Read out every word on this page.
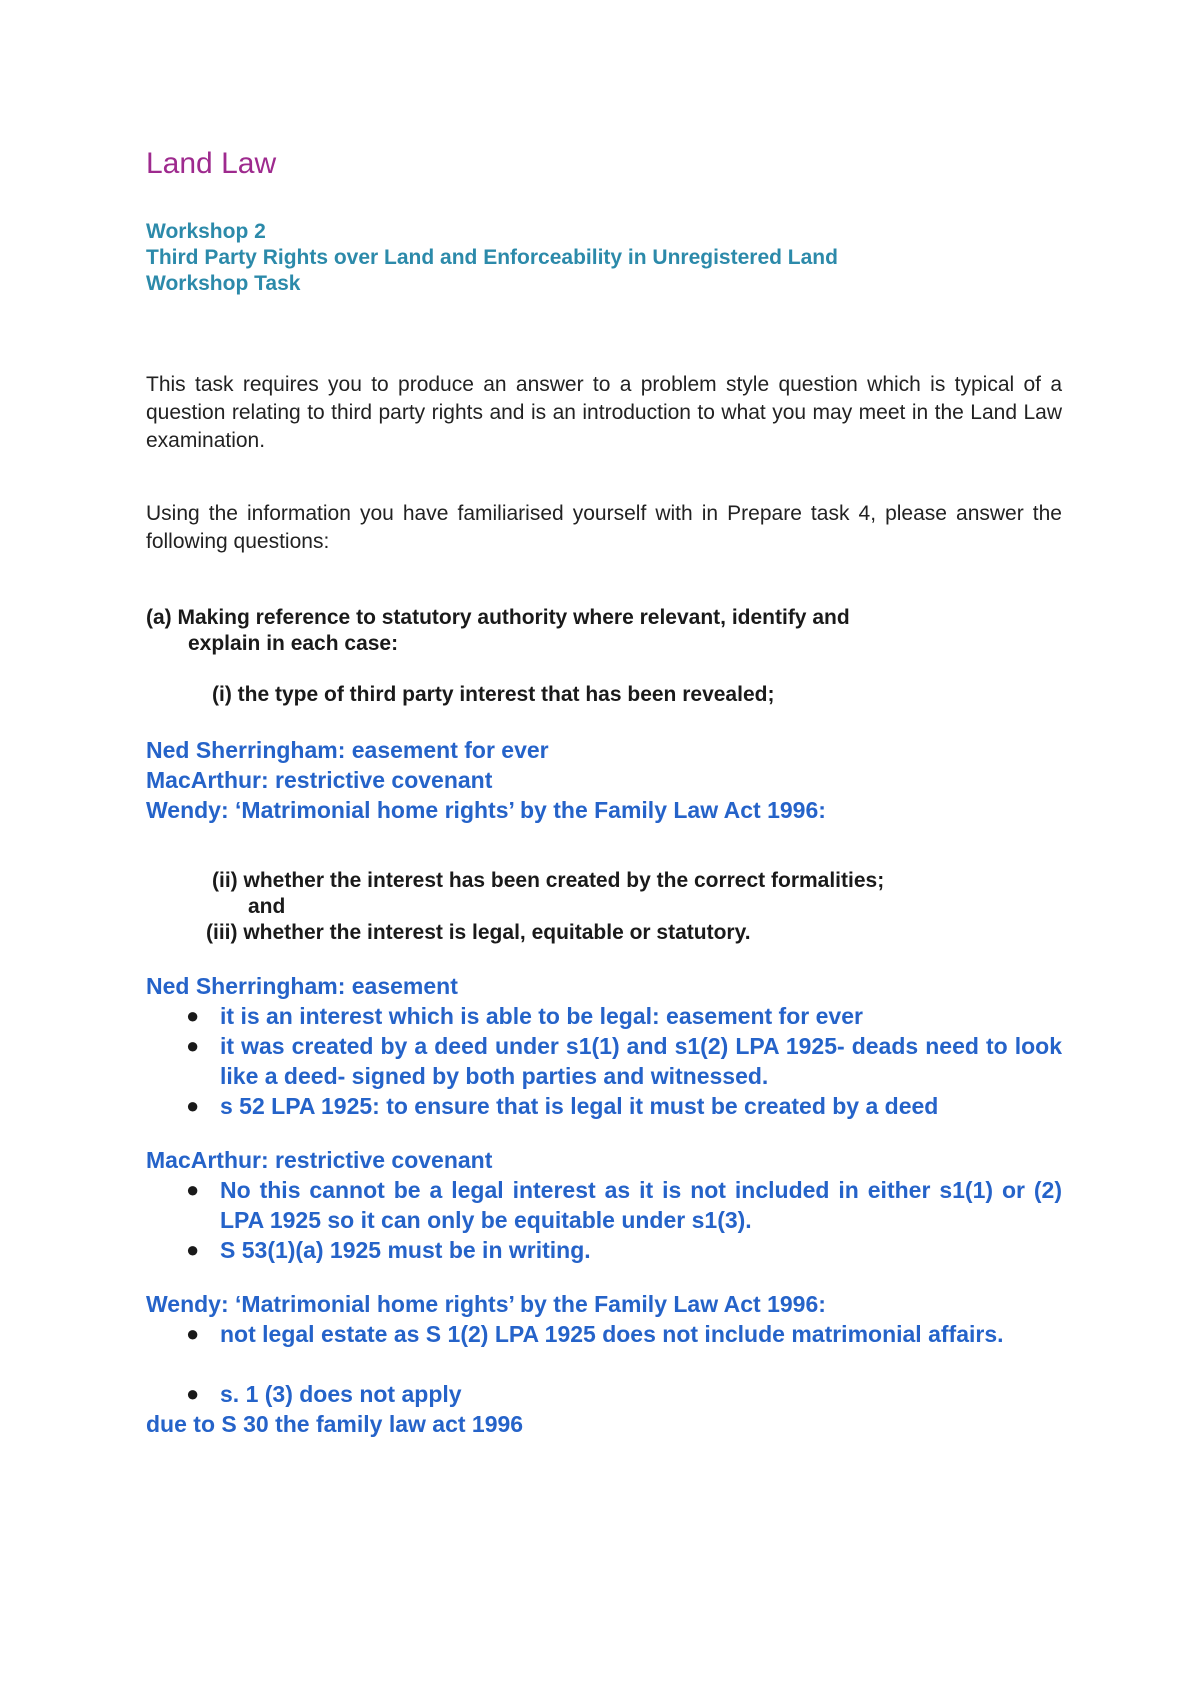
Land Law
Workshop 2
Third Party Rights over Land and Enforceability in Unregistered Land
Workshop Task
This task requires you to produce an answer to a problem style question which is typical of a question relating to third party rights and is an introduction to what you may meet in the Land Law examination.
Using the information you have familiarised yourself with in Prepare task 4, please answer the following questions:
(a) Making reference to statutory authority where relevant, identify and
explain in each case:
(i) the type of third party interest that has been revealed;
Ned Sherringham: easement for ever
MacArthur: restrictive covenant
Wendy: ‘Matrimonial home rights’ by the Family Law Act 1996:
(ii) whether the interest has been created by the correct formalities;
and
(iii) whether the interest is legal, equitable or statutory.
Ned Sherringham: easement
● it is an interest which is able to be legal: easement for ever
● it was created by a deed under s1(1) and s1(2) LPA 1925- deads need to look like a deed- signed by both parties and witnessed.
● s 52 LPA 1925: to ensure that is legal it must be created by a deed
MacArthur: restrictive covenant
● No this cannot be a legal interest as it is not included in either s1(1) or (2) LPA 1925 so it can only be equitable under s1(3).
● S 53(1)(a) 1925 must be in writing.
Wendy: ‘Matrimonial home rights’ by the Family Law Act 1996:
● not legal estate as S 1(2) LPA 1925 does not include matrimonial affairs.
● s. 1 (3) does not apply
due to S 30 the family law act 1996
